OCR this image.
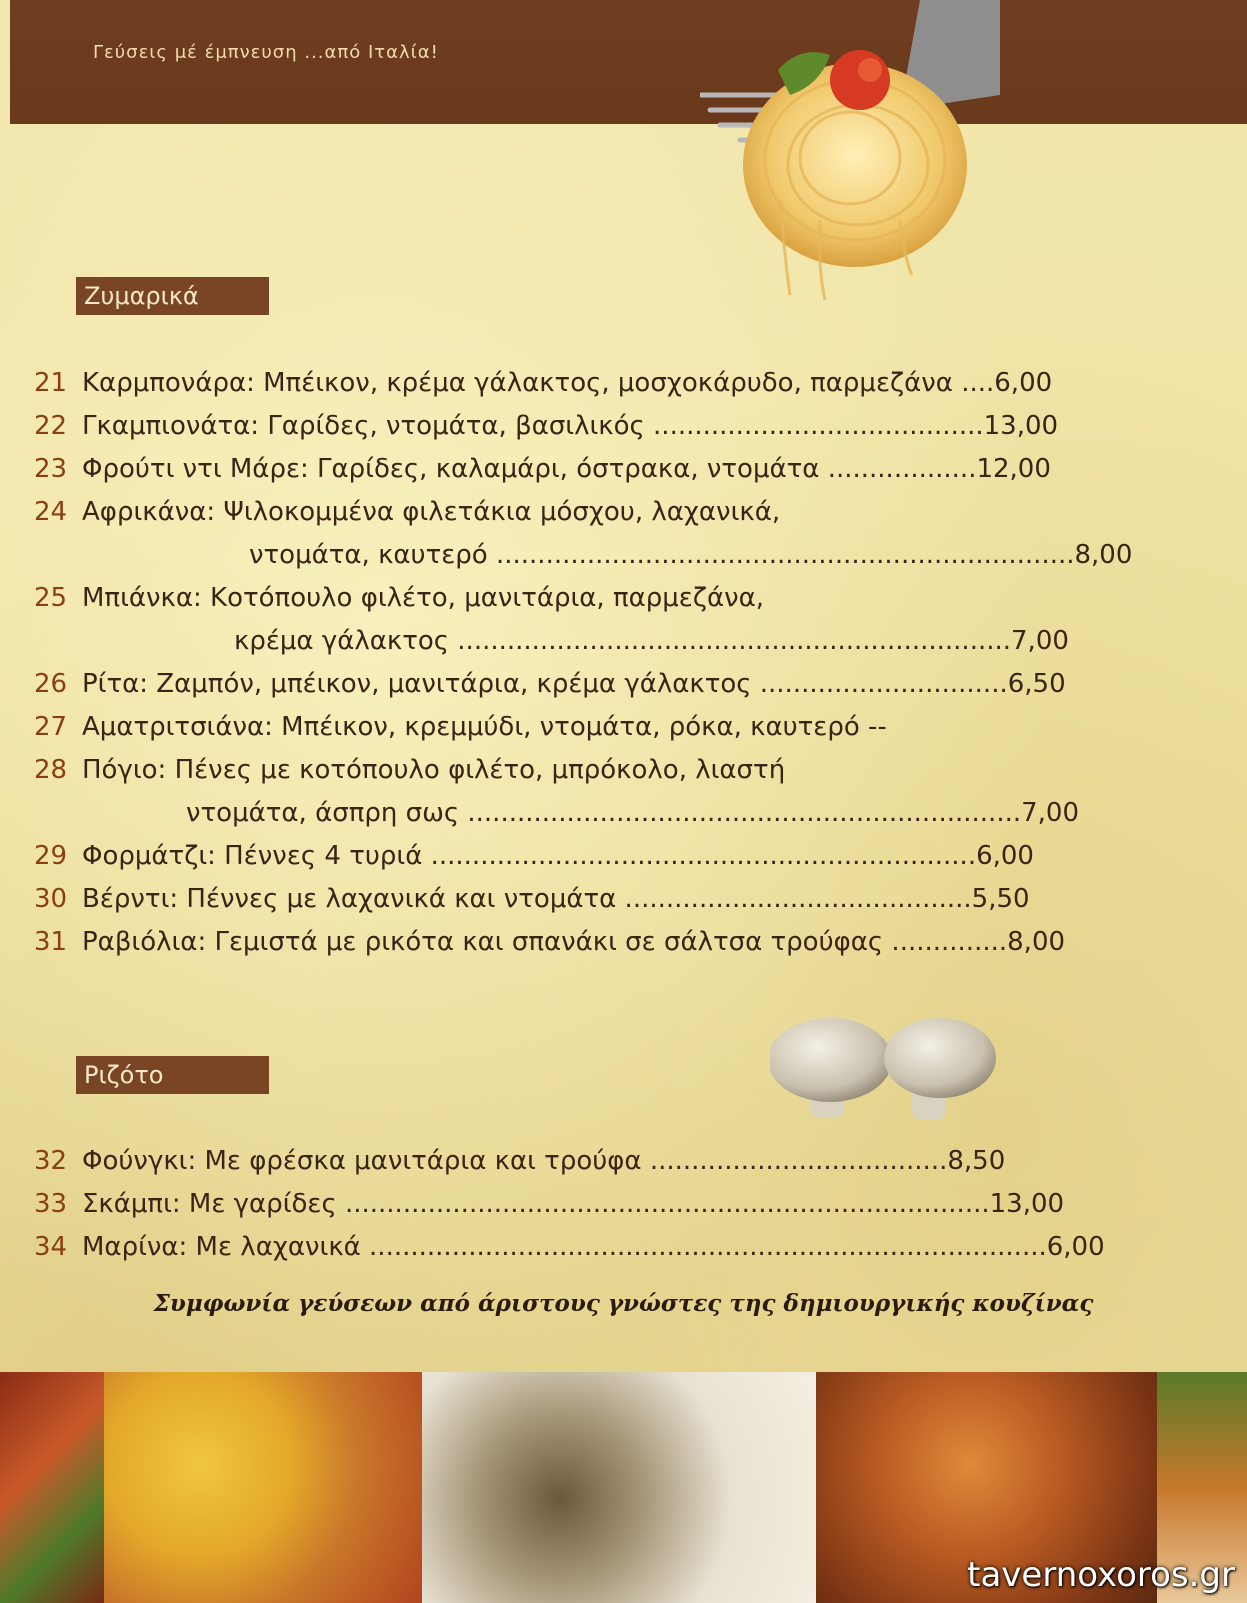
Γεύσεις μέ έμπνευση ...από Ιταλία!
Ζυμαρικά
21 Καρμπονάρα: Μπέικον, κρέμα γάλακτος, μοσχοκάρυδο, παρμεζάνα ....6,00
22 Γκαμπιονάτα: Γαρίδες, ντομάτα, βασιλικός ........................................13,00
23 Φρούτι ντι Μάρε: Γαρίδες, καλαμάρι, όστρακα, ντομάτα ..................12,00
24 Αφρικάνα: Ψιλοκομμένα φιλετάκια μόσχου, λαχανικά,
ντομάτα, καυτερό ......................................................................8,00
25 Μπιάνκα: Κοτόπουλο φιλέτο, μανιτάρια, παρμεζάνα,
κρέμα γάλακτος ...................................................................7,00
26 Ρίτα: Ζαμπόν, μπέικον, μανιτάρια, κρέμα γάλακτος ..............................6,50
27 Αματριτσιάνα: Μπέικον, κρεμμύδι, ντομάτα, ρόκα, καυτερό --
28 Πόγιο: Πένες με κοτόπουλο φιλέτο, μπρόκολο, λιαστή
ντομάτα, άσπρη σως ...................................................................7,00
29 Φορμάτζι: Πέννες 4 τυριά ..................................................................6,00
30 Βέρντι: Πέννες με λαχανικά και ντομάτα ..........................................5,50
31 Ραβιόλια: Γεμιστά με ρικότα και σπανάκι σε σάλτσα τρούφας ..............8,00
Ριζότο
32 Φούνγκι: Με φρέσκα μανιτάρια και τρούφα ....................................8,50
33 Σκάμπι: Με γαρίδες ..............................................................................13,00
34 Μαρίνα: Με λαχανικά ..................................................................................6,00
Συμφωνία γεύσεων από άριστους γνώστες της δημιουργικής κουζίνας
tavernoxoros.gr
